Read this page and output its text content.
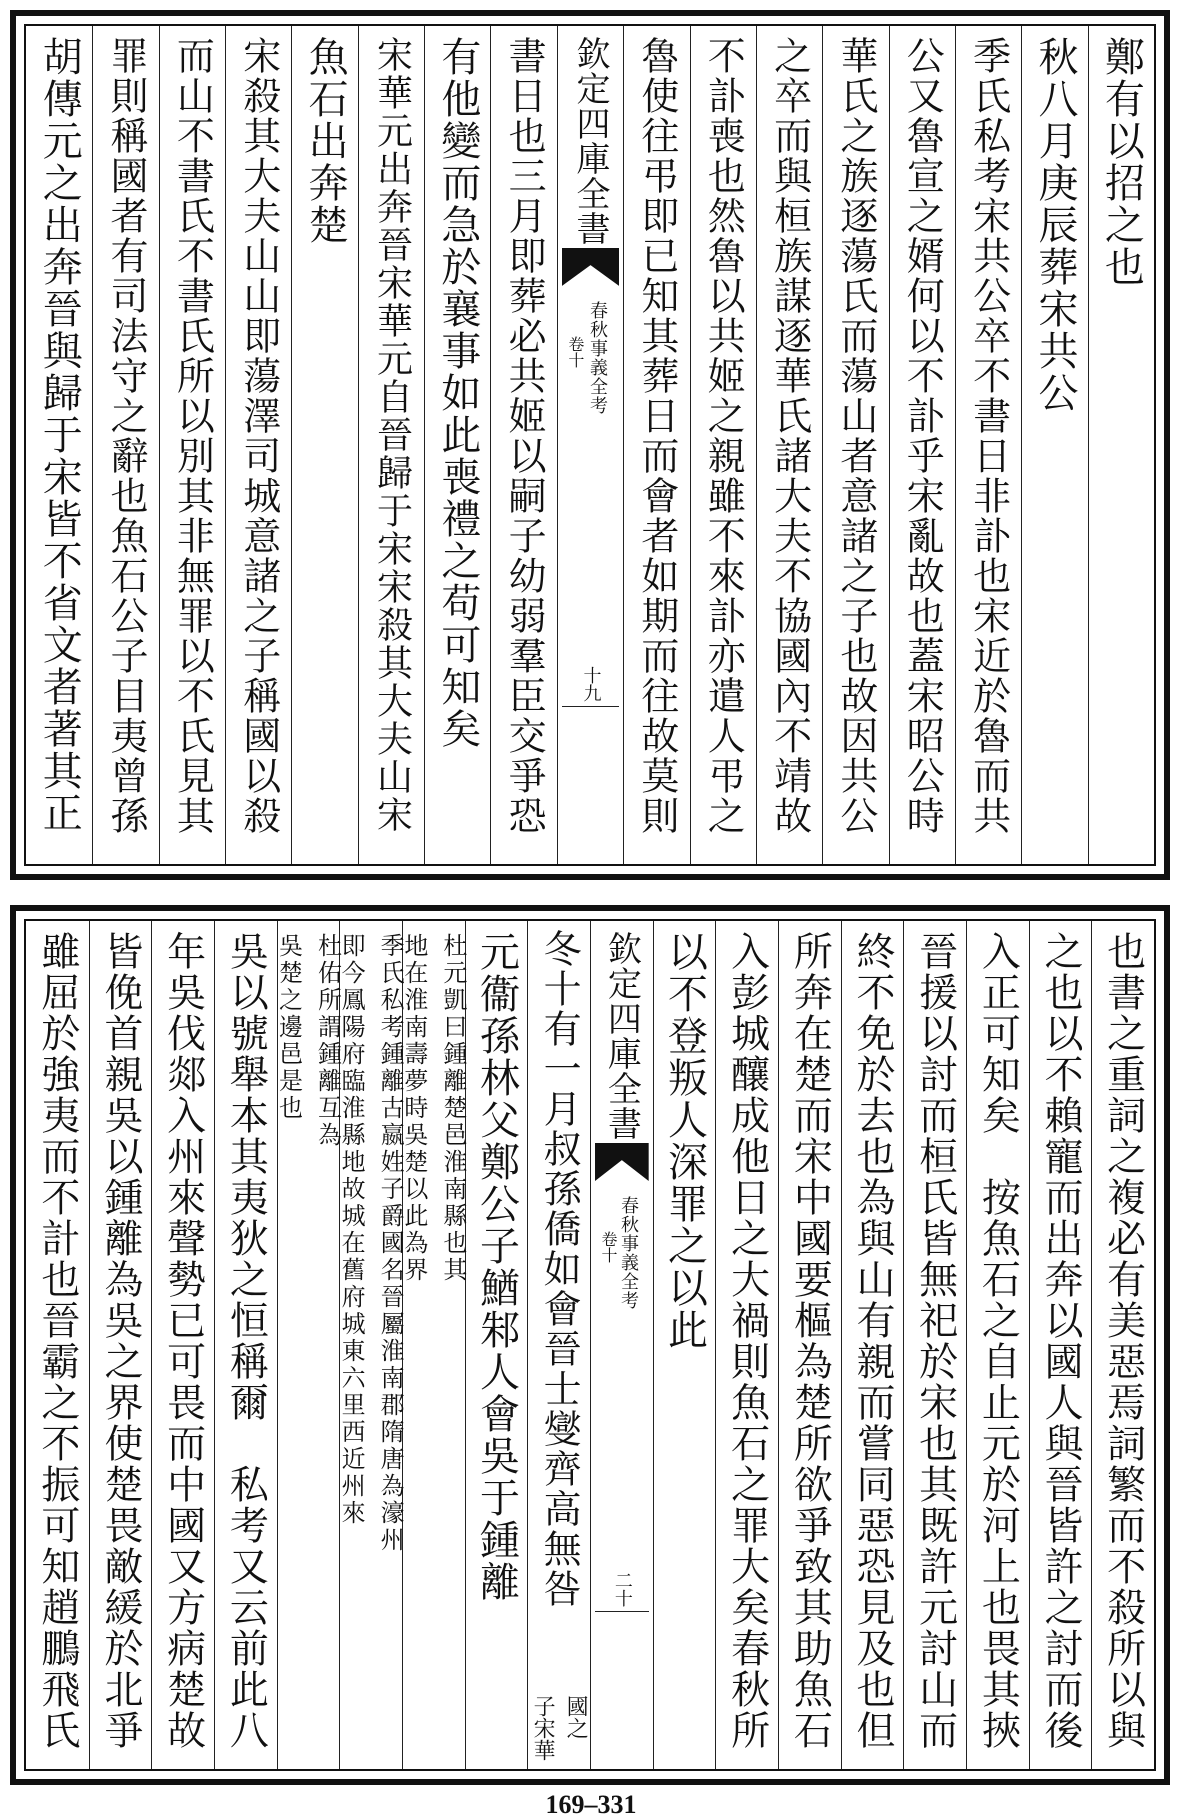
鄭有以招之也
秋八月庚辰葬宋共公
季氏私考宋共公卒不書日非訃也宋近於魯而共
公又魯宣之婿何以不訃乎宋亂故也蓋宋昭公時
華氏之族逐蕩氏而蕩山者意諸之子也故因共公
之卒而與桓族謀逐華氏諸大夫不協國內不靖故
不訃喪也然魯以共姬之親雖不來訃亦遣人弔之
魯使往弔即已知其葬日而會者如期而往故莫則
欽定四庫全書
春秋事義全考
卷十
十九
書日也三月即葬必共姬以嗣子幼弱羣臣交爭恐
有他變而急於襄事如此喪禮之苟可知矣
宋華元出奔晉宋華元自晉歸于宋宋殺其大夫山宋
魚石出奔楚
宋殺其大夫山山即蕩澤司城意諸之子稱國以殺
而山不書氏不書氏所以別其非無罪以不氏見其
罪則稱國者有司法守之辭也魚石公子目夷曾孫
胡傳元之出奔晉與歸于宋皆不省文者著其正
也書之重詞之複必有美惡焉詞繁而不殺所以與
之也以不賴寵而出奔以國人與晉皆許之討而後
入正可知矣　按魚石之自止元於河上也畏其挾
晉援以討而桓氏皆無祀於宋也其既許元討山而
終不免於去也為與山有親而嘗同惡恐見及也但
所奔在楚而宋中國要樞為楚所欲爭致其助魚石
入彭城釀成他日之大禍則魚石之罪大矣春秋所
以不登叛人深罪之以此
欽定四庫全書
春秋事義全考
卷十
二十
冬十有一月叔孫僑如會晉士燮齊高無咎
國之
子宋華
元衞孫林父鄭公子鰌邾人會吳于鍾離
杜元凱曰鍾離楚邑淮南縣也其
地在淮南壽夢時吳楚以此為界
季氏私考鍾離古嬴姓子爵國名晉屬淮南郡隋唐為濠州
即今鳳陽府臨淮縣地故城在舊府城東六里西近州來
杜佑所謂鍾離互為
吳楚之邊邑是也
吳以號舉本其夷狄之恒稱爾　私考又云前此八
年吳伐郯入州來聲勢已可畏而中國又方病楚故
皆俛首親吳以鍾離為吳之界使楚畏敵緩於北爭
雖屈於強夷而不計也晉霸之不振可知趙鵬飛氏
169–331
